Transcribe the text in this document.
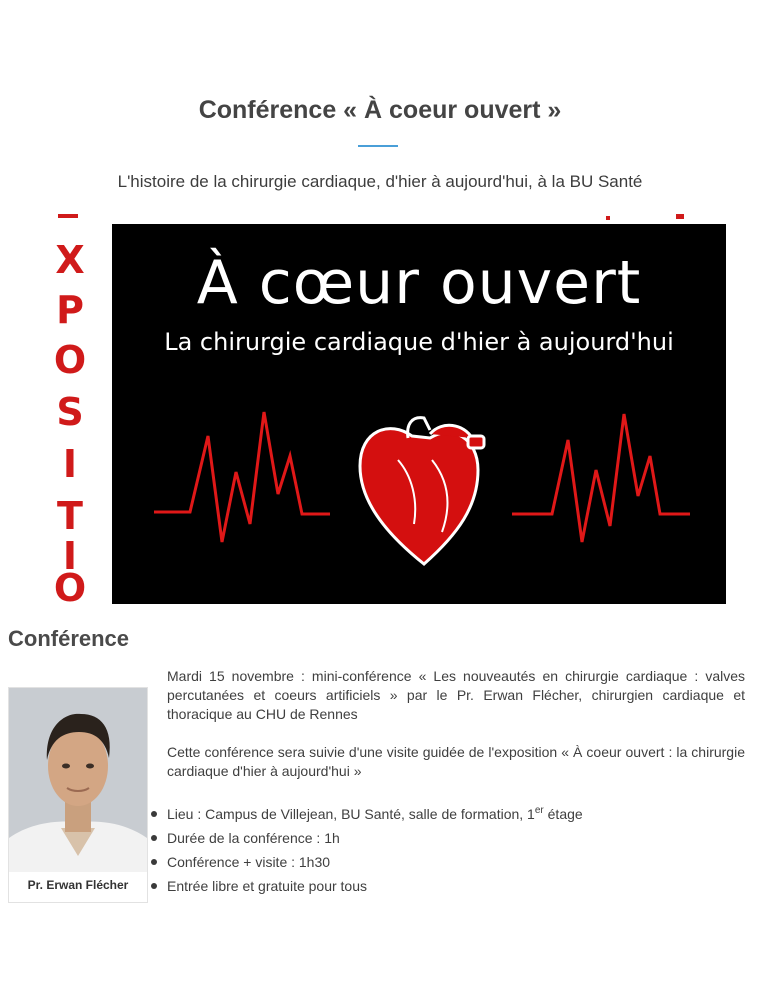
Conférence « À coeur ouvert »
L'histoire de la chirurgie cardiaque, d'hier à aujourd'hui, à la BU Santé
X
P
O
S
I
T
I
O
À cœur ouvert
La chirurgie cardiaque d'hier à aujourd'hui
Conférence
Pr. Erwan Flécher

Mardi 15 novembre : mini-conférence « Les nouveautés en chirurgie cardiaque : valves percutanées et coeurs artificiels » par le Pr. Erwan Flécher, chirurgien cardiaque et thoracique au CHU de Rennes

Cette conférence sera suivie d'une visite guidée de l'exposition « À coeur ouvert : la chirurgie cardiaque d'hier à aujourd'hui »

Lieu : Campus de Villejean, BU Santé, salle de formation, 1er étage
Durée de la conférence : 1h
Conférence + visite : 1h30
Entrée libre et gratuite pour tous
